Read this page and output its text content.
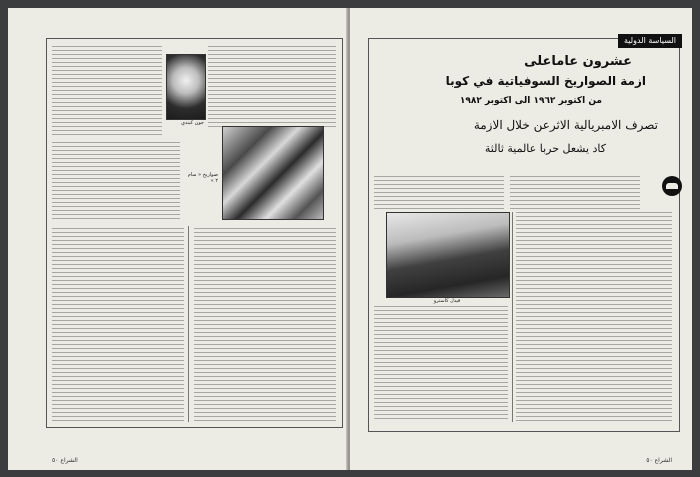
جون كيندي
صواريخ « سام ٢ »
الشراع ٥٠
السياسة الدولية
عشرون عاماعلى
ازمة الصواريخ السوفياتية في كوبا
من اكتوبر ١٩٦٢ الى اكتوبر ١٩٨٢
تصرف الامبريالية الاثرعن خلال الازمة
كاد يشعل حربا عالمية ثالثة
فيدل كاسترو
الشراع ٥٠
